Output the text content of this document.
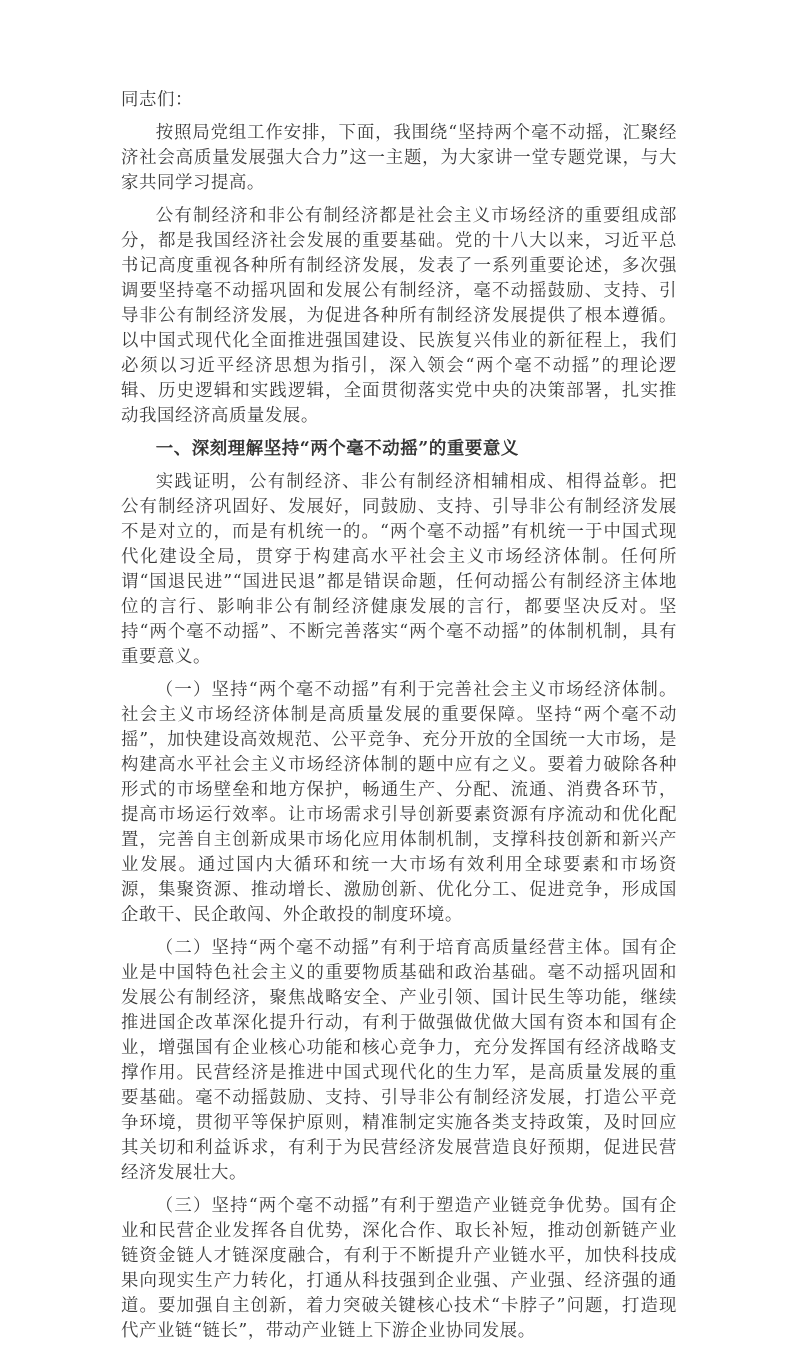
同志们：

按照局党组工作安排，下面，我围绕“坚持两个毫不动摇，汇聚经济社会高质量发展强大合力”这一主题，为大家讲一堂专题党课，与大家共同学习提高。

公有制经济和非公有制经济都是社会主义市场经济的重要组成部分，都是我国经济社会发展的重要基础。党的十八大以来，习近平总书记高度重视各种所有制经济发展，发表了一系列重要论述，多次强调要坚持毫不动摇巩固和发展公有制经济，毫不动摇鼓励、支持、引导非公有制经济发展，为促进各种所有制经济发展提供了根本遵循。以中国式现代化全面推进强国建设、民族复兴伟业的新征程上，我们必须以习近平经济思想为指引，深入领会“两个毫不动摇”的理论逻辑、历史逻辑和实践逻辑，全面贯彻落实党中央的决策部署，扎实推动我国经济高质量发展。

一、深刻理解坚持“两个毫不动摇”的重要意义

实践证明，公有制经济、非公有制经济相辅相成、相得益彰。把公有制经济巩固好、发展好，同鼓励、支持、引导非公有制经济发展不是对立的，而是有机统一的。“两个毫不动摇”有机统一于中国式现代化建设全局，贯穿于构建高水平社会主义市场经济体制。任何所谓“国退民进”“国进民退”都是错误命题，任何动摇公有制经济主体地位的言行、影响非公有制经济健康发展的言行，都要坚决反对。坚持“两个毫不动摇”、不断完善落实“两个毫不动摇”的体制机制，具有重要意义。

（一）坚持“两个毫不动摇”有利于完善社会主义市场经济体制。社会主义市场经济体制是高质量发展的重要保障。坚持“两个毫不动摇”，加快建设高效规范、公平竞争、充分开放的全国统一大市场，是构建高水平社会主义市场经济体制的题中应有之义。要着力破除各种形式的市场壁垒和地方保护，畅通生产、分配、流通、消费各环节，提高市场运行效率。让市场需求引导创新要素资源有序流动和优化配置，完善自主创新成果市场化应用体制机制，支撑科技创新和新兴产业发展。通过国内大循环和统一大市场有效利用全球要素和市场资源，集聚资源、推动增长、激励创新、优化分工、促进竞争，形成国企敢干、民企敢闯、外企敢投的制度环境。

（二）坚持“两个毫不动摇”有利于培育高质量经营主体。国有企业是中国特色社会主义的重要物质基础和政治基础。毫不动摇巩固和发展公有制经济，聚焦战略安全、产业引领、国计民生等功能，继续推进国企改革深化提升行动，有利于做强做优做大国有资本和国有企业，增强国有企业核心功能和核心竞争力，充分发挥国有经济战略支撑作用。民营经济是推进中国式现代化的生力军，是高质量发展的重要基础。毫不动摇鼓励、支持、引导非公有制经济发展，打造公平竞争环境，贯彻平等保护原则，精准制定实施各类支持政策，及时回应其关切和利益诉求，有利于为民营经济发展营造良好预期，促进民营经济发展壮大。

（三）坚持“两个毫不动摇”有利于塑造产业链竞争优势。国有企业和民营企业发挥各自优势，深化合作、取长补短，推动创新链产业链资金链人才链深度融合，有利于不断提升产业链水平，加快科技成果向现实生产力转化，打通从科技强到企业强、产业强、经济强的通道。要加强自主创新，着力突破关键核心技术“卡脖子”问题，打造现代产业链“链长”，带动产业链上下游企业协同发展。
